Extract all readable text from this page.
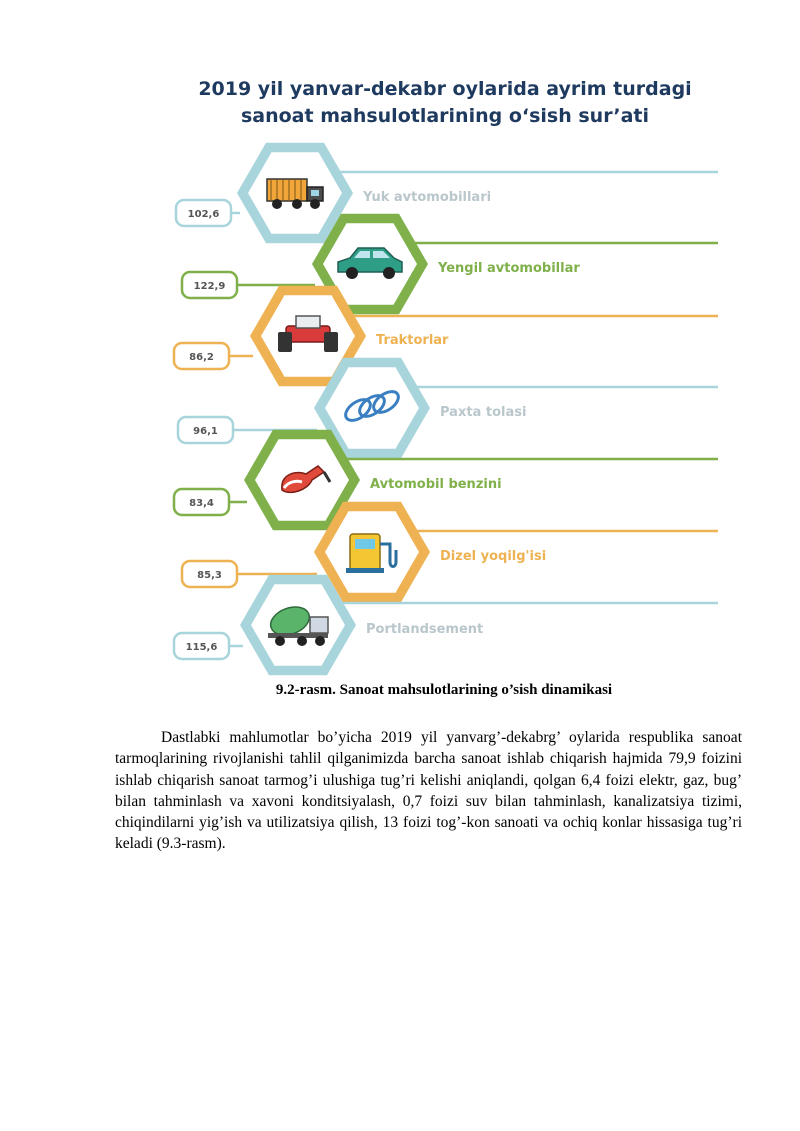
2019 yil yanvar-dekabr oylarida ayrim turdagi
sanoat mahsulotlarining o‘sish sur’ati
102,6
Yuk avtomobillari
122,9
Yengil avtomobillar
86,2
Traktorlar
96,1
Paxta tolasi
83,4
Avtomobil benzini
85,3
Dizel yoqilg'isi
115,6
Portlandsement
9.2-rasm. Sanoat mahsulotlarining o’sish dinamikasi

Dastlabki mahlumotlar bo’yicha 2019 yil yanvarg’-dekabrg’ oylarida respublika sanoat tarmoqlarining rivojlanishi tahlil qilganimizda barcha sanoat ishlab chiqarish hajmida 79,9 foizini ishlab chiqarish sanoat tarmog’i ulushiga tug’ri kelishi aniqlandi, qolgan 6,4 foizi elektr, gaz, bug’ bilan tahminlash va xavoni konditsiyalash, 0,7 foizi suv bilan tahminlash, kanalizatsiya tizimi, chiqindilarni yig’ish va utilizatsiya qilish, 13 foizi tog’-kon sanoati va ochiq konlar hissasiga tug’ri keladi (9.3-rasm).
